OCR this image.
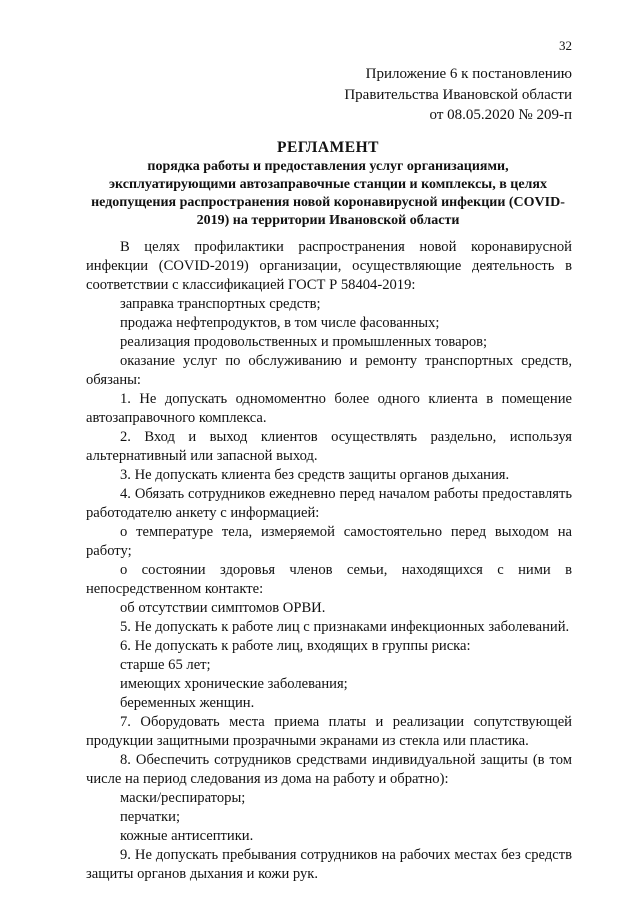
32
Приложение 6 к постановлению
Правительства Ивановской области
от 08.05.2020 № 209-п
РЕГЛАМЕНТ
порядка работы и предоставления услуг организациями, эксплуатирующими автозаправочные станции и комплексы, в целях недопущения распространения новой коронавирусной инфекции (COVID-2019) на территории Ивановской области

В целях профилактики распространения новой коронавирусной инфекции (COVID-2019) организации, осуществляющие деятельность в соответствии с классификацией ГОСТ Р 58404-2019:

заправка транспортных средств;

продажа нефтепродуктов, в том числе фасованных;

реализация продовольственных и промышленных товаров;

оказание услуг по обслуживанию и ремонту транспортных средств, обязаны:

1. Не допускать одномоментно более одного клиента в помещение автозаправочного комплекса.

2. Вход и выход клиентов осуществлять раздельно, используя альтернативный или запасной выход.

3. Не допускать клиента без средств защиты органов дыхания.

4. Обязать сотрудников ежедневно перед началом работы предоставлять работодателю анкету с информацией:

о температуре тела, измеряемой самостоятельно перед выходом на работу;

о состоянии здоровья членов семьи, находящихся с ними в непосредственном контакте:

об отсутствии симптомов ОРВИ.

5. Не допускать к работе лиц с признаками инфекционных заболеваний.

6. Не допускать к работе лиц, входящих в группы риска:

старше 65 лет;

имеющих хронические заболевания;

беременных женщин.

7. Оборудовать места приема платы и реализации сопутствующей продукции защитными прозрачными экранами из стекла или пластика.

8. Обеспечить сотрудников средствами индивидуальной защиты (в том числе на период следования из дома на работу и обратно):

маски/респираторы;

перчатки;

кожные антисептики.

9. Не допускать пребывания сотрудников на рабочих местах без средств защиты органов дыхания и кожи рук.
